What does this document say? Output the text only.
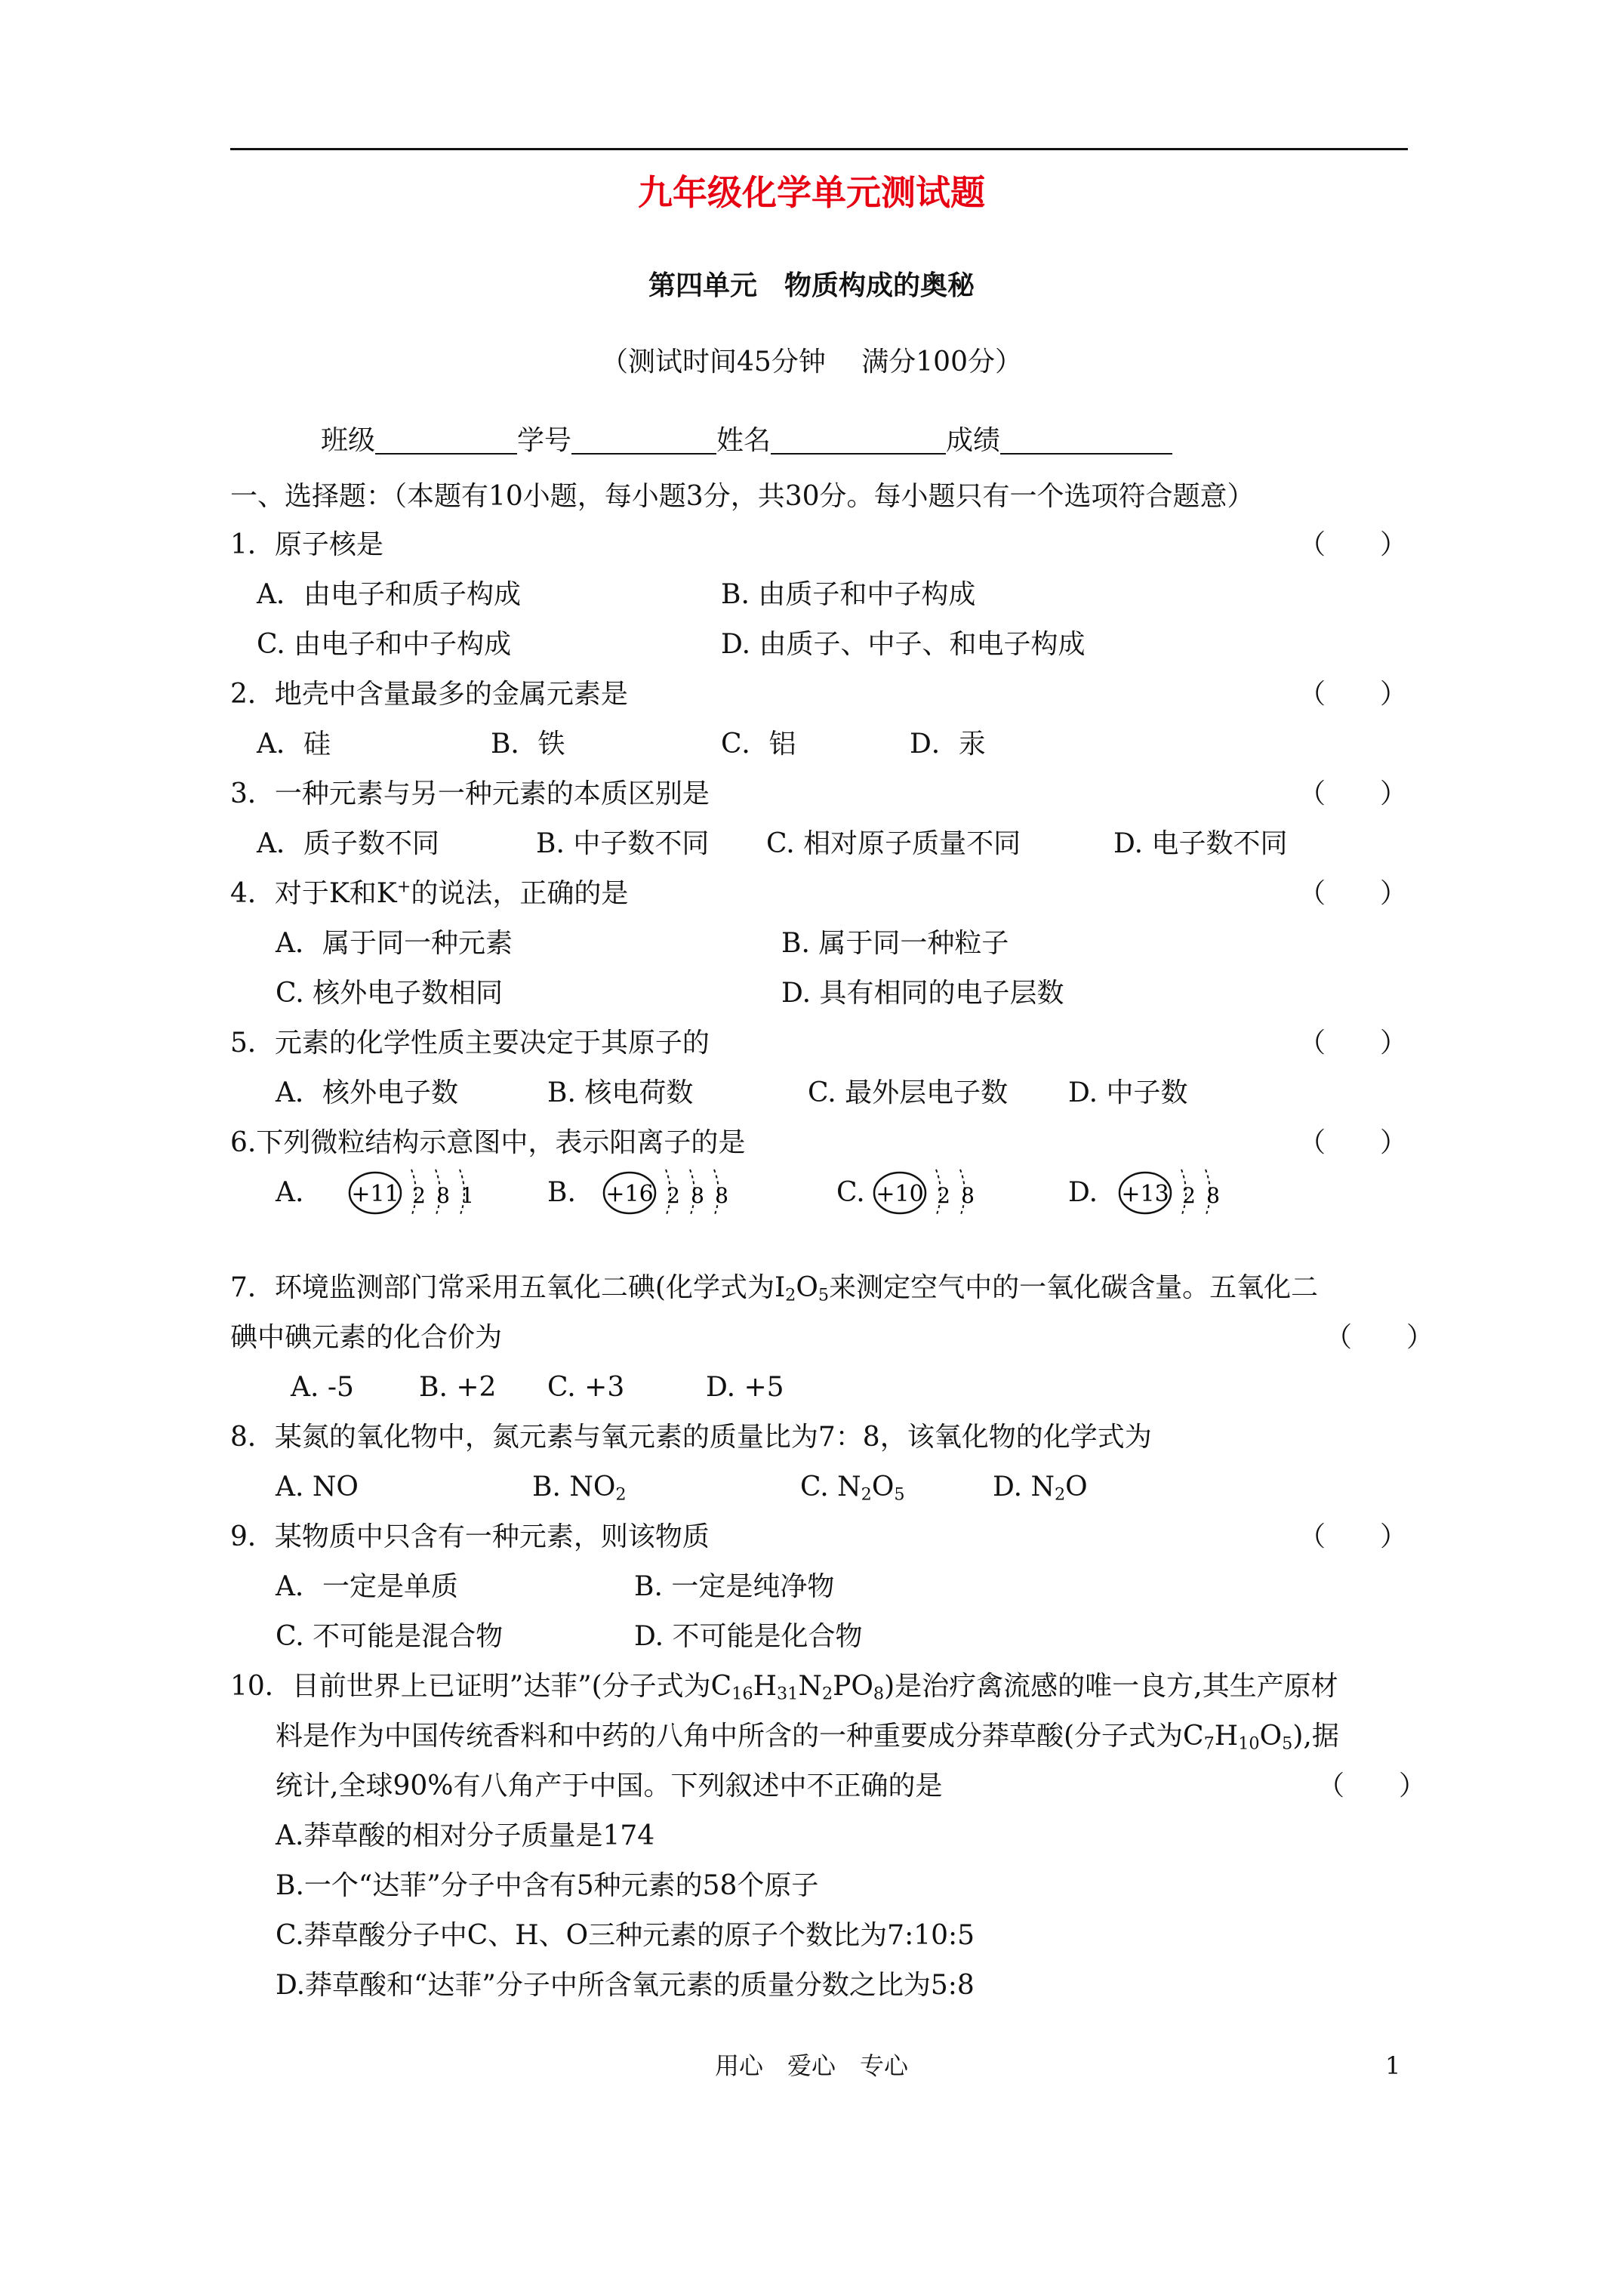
九年级化学单元测试题
第四单元　物质构成的奥秘
（测试时间45分钟　 满分100分）
班级	学号	姓名	成绩
一、选择题：（本题有10小题，每小题3分，共30分。每小题只有一个选项符合题意）
1．原子核是	（　　）
A．由电子和质子构成	B. 由质子和中子构成
C. 由电子和中子构成	D. 由质子、中子、和电子构成
2．地壳中含量最多的金属元素是	（　　）
A．硅	B．铁	C．铝	D．汞
3．一种元素与另一种元素的本质区别是	（　　）
A．质子数不同	B. 中子数不同 C. 相对原子质量不同	D. 电子数不同
4．对于K和K+的说法，正确的是	（　　）
A．属于同一种元素	B. 属于同一种粒子
C. 核外电子数相同	D. 具有相同的电子层数
5．元素的化学性质主要决定于其原子的	（　　）
A．核外电子数	B. 核电荷数	C. 最外层电子数 D. 中子数
6.下列微粒结构示意图中，表示阳离子的是	（　　）
A.	B.	C.	D.
+11 2 8 1	+16 2 8 8	+10 2 8	+13 2 8
7．环境监测部门常采用五氧化二碘(化学式为$I_2O_5$来测定空气中的一氧化碳含量。五氧化二
碘中碘元素的化合价为	（　　）
A. -5 B. +2 C. +3	D. +5
8．某氮的氧化物中，氮元素与氧元素的质量比为7：8，该氧化物的化学式为
A. NO	B. $NO_2$	C. $N_2O_5$	D. $N_2O$
9．某物质中只含有一种元素，则该物质	（　　）
A．一定是单质	B. 一定是纯净物
C. 不可能是混合物	D. 不可能是化合物
10．目前世界上已证明”达菲”(分子式为$C_{16}H_{31}N_2PO_8$)是治疗禽流感的唯一良方,其生产原材
料是作为中国传统香料和中药的八角中所含的一种重要成分莽草酸(分子式为$C_7H_{10}O_5$),据
统计,全球90%有八角产于中国。下列叙述中不正确的是	（　　）
A.莽草酸的相对分子质量是174
B.一个“达菲”分子中含有5种元素的58个原子
C.莽草酸分子中C、H、O三种元素的原子个数比为7:10:5
D.莽草酸和“达菲”分子中所含氧元素的质量分数之比为5:8
用心　爱心　专心	1
